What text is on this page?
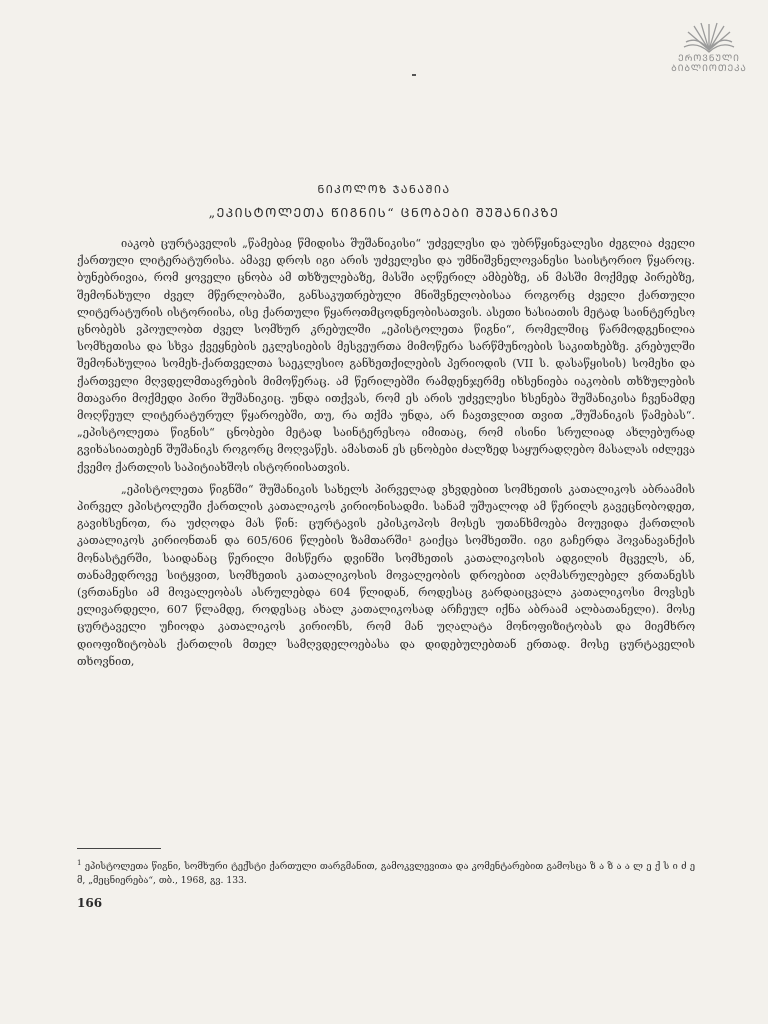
ᲔᲠᲝᲕᲜᲣᲚᲘ
ᲑᲘᲑᲚᲘᲝᲗᲔᲙᲐ
ᲜᲘᲙᲝᲚᲝᲖ ᲯᲐᲜᲐᲨᲘᲐ
„ᲔᲞᲘᲡᲢᲝᲚᲔᲗᲐ ᲬᲘᲒᲜᲘᲡ“ ᲪᲜᲝᲑᲔᲑᲘ ᲨᲣᲨᲐᲜᲘᲙᲖᲔ

იაკობ ცურტაველის „წამებაჲ წმიდისა შუშანიკისი“ უძველესი და უბრწყინვალესი ძეგლია ძველი ქართული ლიტერატურისა. ამავე დროს იგი არის უძველესი და უმნიშვნელოვანესი საისტორიო წყაროც. ბუნებრივია, რომ ყოველი ცნობა ამ თხზულებაზე, მასში აღწერილ ამბებზე, ან მასში მოქმედ პირებზე, შემონახული ძველ მწერლობაში, განსაკუთრებული მნიშვნელობისაა როგორც ძველი ქართული ლიტერატურის ისტორიისა, ისე ქართული წყაროთმცოდნეობისათვის. ასეთი ხასიათის მეტად საინტერესო ცნობებს ვპოულობთ ძველ სომხურ კრებულში „ეპისტოლეთა წიგნი“, რომელშიც წარმოდგენილია სომხეთისა და სხვა ქვეყნების ეკლესიების მესვეურთა მიმოწერა სარწმუნოების საკითხებზე. კრებულში შემონახულია სომეხ-ქართველთა საეკლესიო განხეთქილების პერიოდის (VII ს. დასაწყისის) სომეხი და ქართველი მღვდელმთავრების მიმოწერაც. ამ წერილებში რამდენჯერმე იხსენიება იაკობის თხზულების მთავარი მოქმედი პირი შუშანიკიც. უნდა ითქვას, რომ ეს არის უძველესი ხსენება შუშანიკისა ჩვენამდე მოღწეულ ლიტერატურულ წყაროებში, თუ, რა თქმა უნდა, არ ჩავთვლით თვით „შუშანიკის წამებას“. „ეპისტოლეთა წიგნის“ ცნობები მეტად საინტერესოა იმითაც, რომ ისინი სრულიად ახლებურად გვიხასიათებენ შუშანიკს როგორც მოღვაწეს. ამასთან ეს ცნობები ძალზედ საყურადღებო მასალას იძლევა ქვემო ქართლის საპიტიახშოს ისტორიისათვის.

„ეპისტოლეთა წიგნში“ შუშანიკის სახელს პირველად ვხვდებით სომხეთის კათალიკოს აბრაამის პირველ ეპისტოლეში ქართლის კათალიკოს კირიონისადმი. სანამ უშუალოდ ამ წერილს გავეცნობოდეთ, გავიხსენოთ, რა უძღოდა მას წინ: ცურტავის ეპისკოპოს მოსეს უთანხმოება მოუვიდა ქართლის კათალიკოს კირიონთან და 605/606 წლების ზამთარში¹ გაიქცა სომხეთში. იგი გაჩერდა ჰოვანავანქის მონასტერში, საიდანაც წერილი მისწერა დვინში სომხეთის კათალიკოსის ადგილის მცველს, ან, თანამედროვე სიტყვით, სომხეთის კათალიკოსის მოვალეობის დროებით აღმასრულებელ ვრთანესს (ვრთანესი ამ მოვალეობას ასრულებდა 604 წლიდან, როდესაც გარდაიცვალა კათალიკოსი მოვსეს ელივარდელი, 607 წლამდე, როდესაც ახალ კათალიკოსად არჩეულ იქნა აბრაამ ალბათანელი). მოსე ცურტაველი უჩიოდა კათალიკოს კირიონს, რომ მან უღალატა მონოფიზიტობას და მიემხრო დიოფიზიტობას ქართლის მთელ სამღვდელოებასა და დიდებულებთან ერთად. მოსე ცურტაველის თხოვნით,

$^1$ ეპისტოლეთა წიგნი, სომხური ტექსტი ქართული თარგმანით, გამოკვლევითა და კომენტარებით გამოსცა ზ ა ზ ა ა ლ ე ქ ს ი ძ ე მ, „მეცნიერება“, თბ., 1968, გვ. 133.
166
